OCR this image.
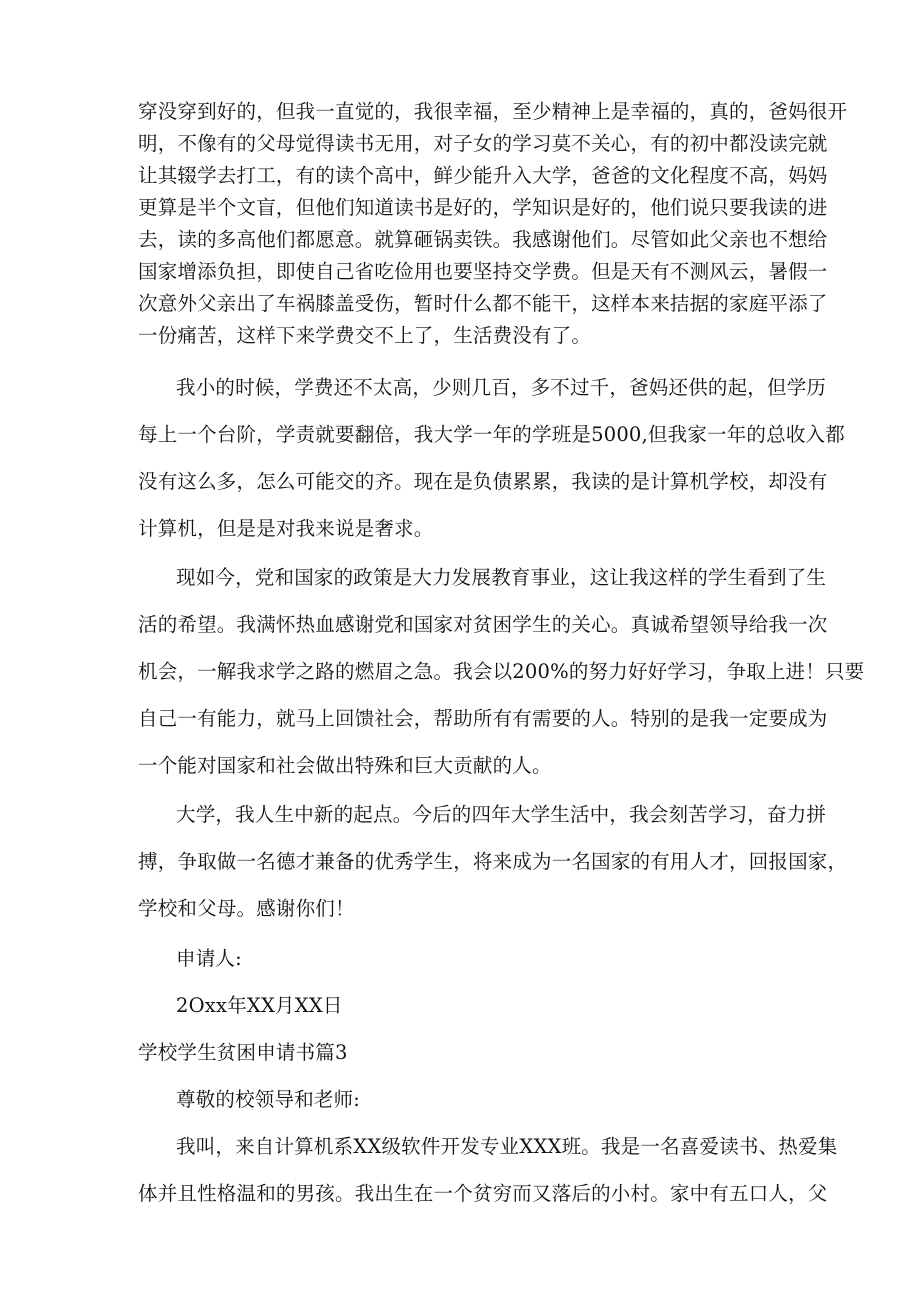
穿没穿到好的，但我一直觉的，我很幸福，至少精神上是幸福的，真的，爸妈很开
明，不像有的父母觉得读书无用，对子女的学习莫不关心，有的初中都没读完就
让其辍学去打工，有的读个高中，鲜少能升入大学，爸爸的文化程度不高，妈妈
更算是半个文盲，但他们知道读书是好的，学知识是好的，他们说只要我读的进
去，读的多高他们都愿意。就算砸锅卖铁。我感谢他们。尽管如此父亲也不想给
国家增添负担，即使自己省吃俭用也要坚持交学费。但是天有不测风云，暑假一
次意外父亲出了车祸膝盖受伤，暂时什么都不能干，这样本来拮据的家庭平添了
一份痛苦，这样下来学费交不上了，生活费没有了。
我小的时候，学费还不太高，少则几百，多不过千，爸妈还供的起，但学历
每上一个台阶，学责就要翻倍，我大学一年的学班是5000,但我家一年的总收入都
没有这么多，怎么可能交的齐。现在是负债累累，我读的是计算机学校，却没有
计算机，但是是对我来说是奢求。
现如今，党和国家的政策是大力发展教育事业，这让我这样的学生看到了生
活的希望。我满怀热血感谢党和国家对贫困学生的关心。真诚希望领导给我一次
机会，一解我求学之路的燃眉之急。我会以200%的努力好好学习，争取上进！只要
自己一有能力，就马上回馈社会，帮助所有有需要的人。特别的是我一定要成为
一个能对国家和社会做出特殊和巨大贡献的人。
大学，我人生中新的起点。今后的四年大学生活中，我会刻苦学习，奋力拼
搏，争取做一名德才兼备的优秀学生，将来成为一名国家的有用人才，回报国家，
学校和父母。感谢你们！
申请人:
2Oxx年XX月XX日
学校学生贫困申请书篇3
尊敬的校领导和老师:
我叫，来自计算机系XX级软件开发专业XXX班。我是一名喜爱读书、热爱集
体并且性格温和的男孩。我出生在一个贫穷而又落后的小村。家中有五口人，父
